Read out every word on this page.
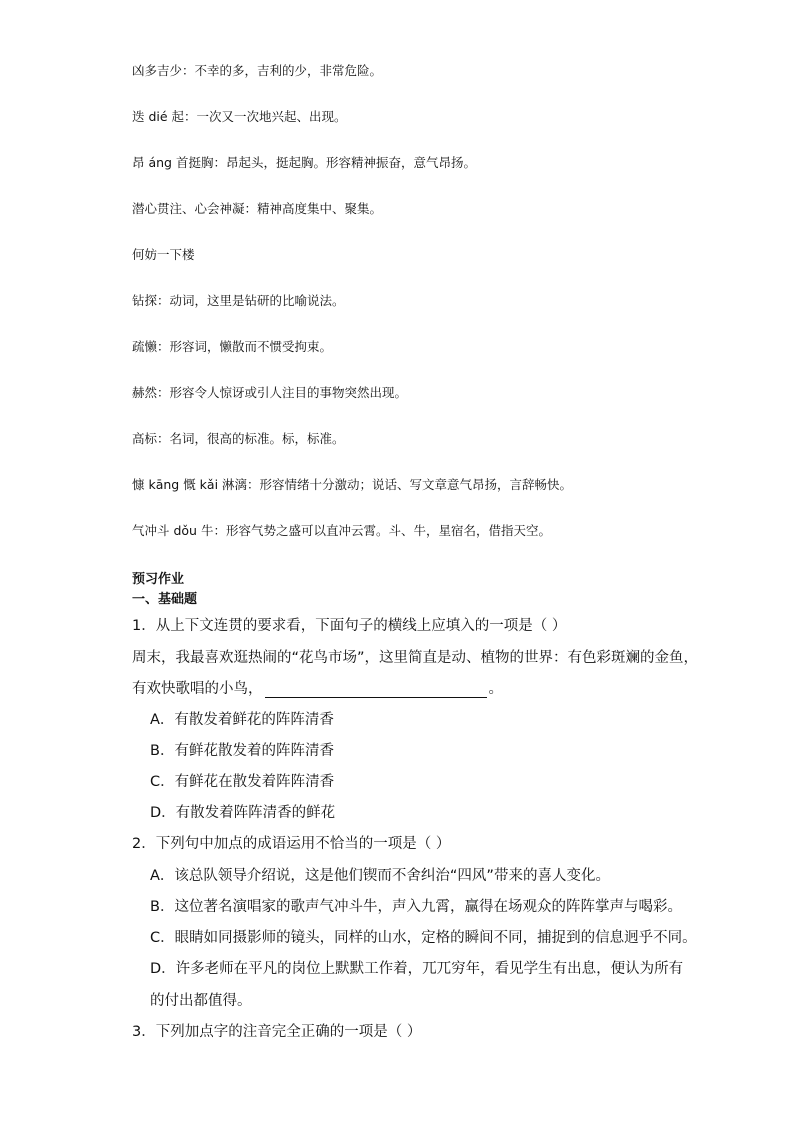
凶多吉少：不幸的多，吉利的少，非常危险。
迭 dié 起：一次又一次地兴起、出现。
昂 áng 首挺胸：昂起头，挺起胸。形容精神振奋，意气昂扬。
潜心贯注、心会神凝：精神高度集中、聚集。
何妨一下楼
钻探：动词，这里是钻研的比喻说法。
疏懒：形容词，懒散而不惯受拘束。
赫然：形容令人惊讶或引人注目的事物突然出现。
高标：名词，很高的标准。标，标准。
慷 kāng 慨 kǎi 淋漓：形容情绪十分激动；说话、写文章意气昂扬，言辞畅快。
气冲斗 dǒu 牛：形容气势之盛可以直冲云霄。斗、牛，星宿名，借指天空。
预习作业
一、基础题
1．从上下文连贯的要求看，下面句子的横线上应填入的一项是（ ）
周末，我最喜欢逛热闹的“花鸟市场”，这里简直是动、植物的世界：有色彩斑斓的金鱼，
有欢快歌唱的小鸟，	。
A．有散发着鲜花的阵阵清香
B．有鲜花散发着的阵阵清香
C．有鲜花在散发着阵阵清香
D．有散发着阵阵清香的鲜花
2．下列句中加点的成语运用不恰当的一项是（ ）
A．该总队领导介绍说，这是他们锲而不舍纠治“四风”带来的喜人变化。
B．这位著名演唱家的歌声气冲斗牛，声入九霄，赢得在场观众的阵阵掌声与喝彩。
C．眼睛如同摄影师的镜头，同样的山水，定格的瞬间不同，捕捉到的信息迥乎不同。
D．许多老师在平凡的岗位上默默工作着，兀兀穷年，看见学生有出息，便认为所有
的付出都值得。
3．下列加点字的注音完全正确的一项是（ ）
